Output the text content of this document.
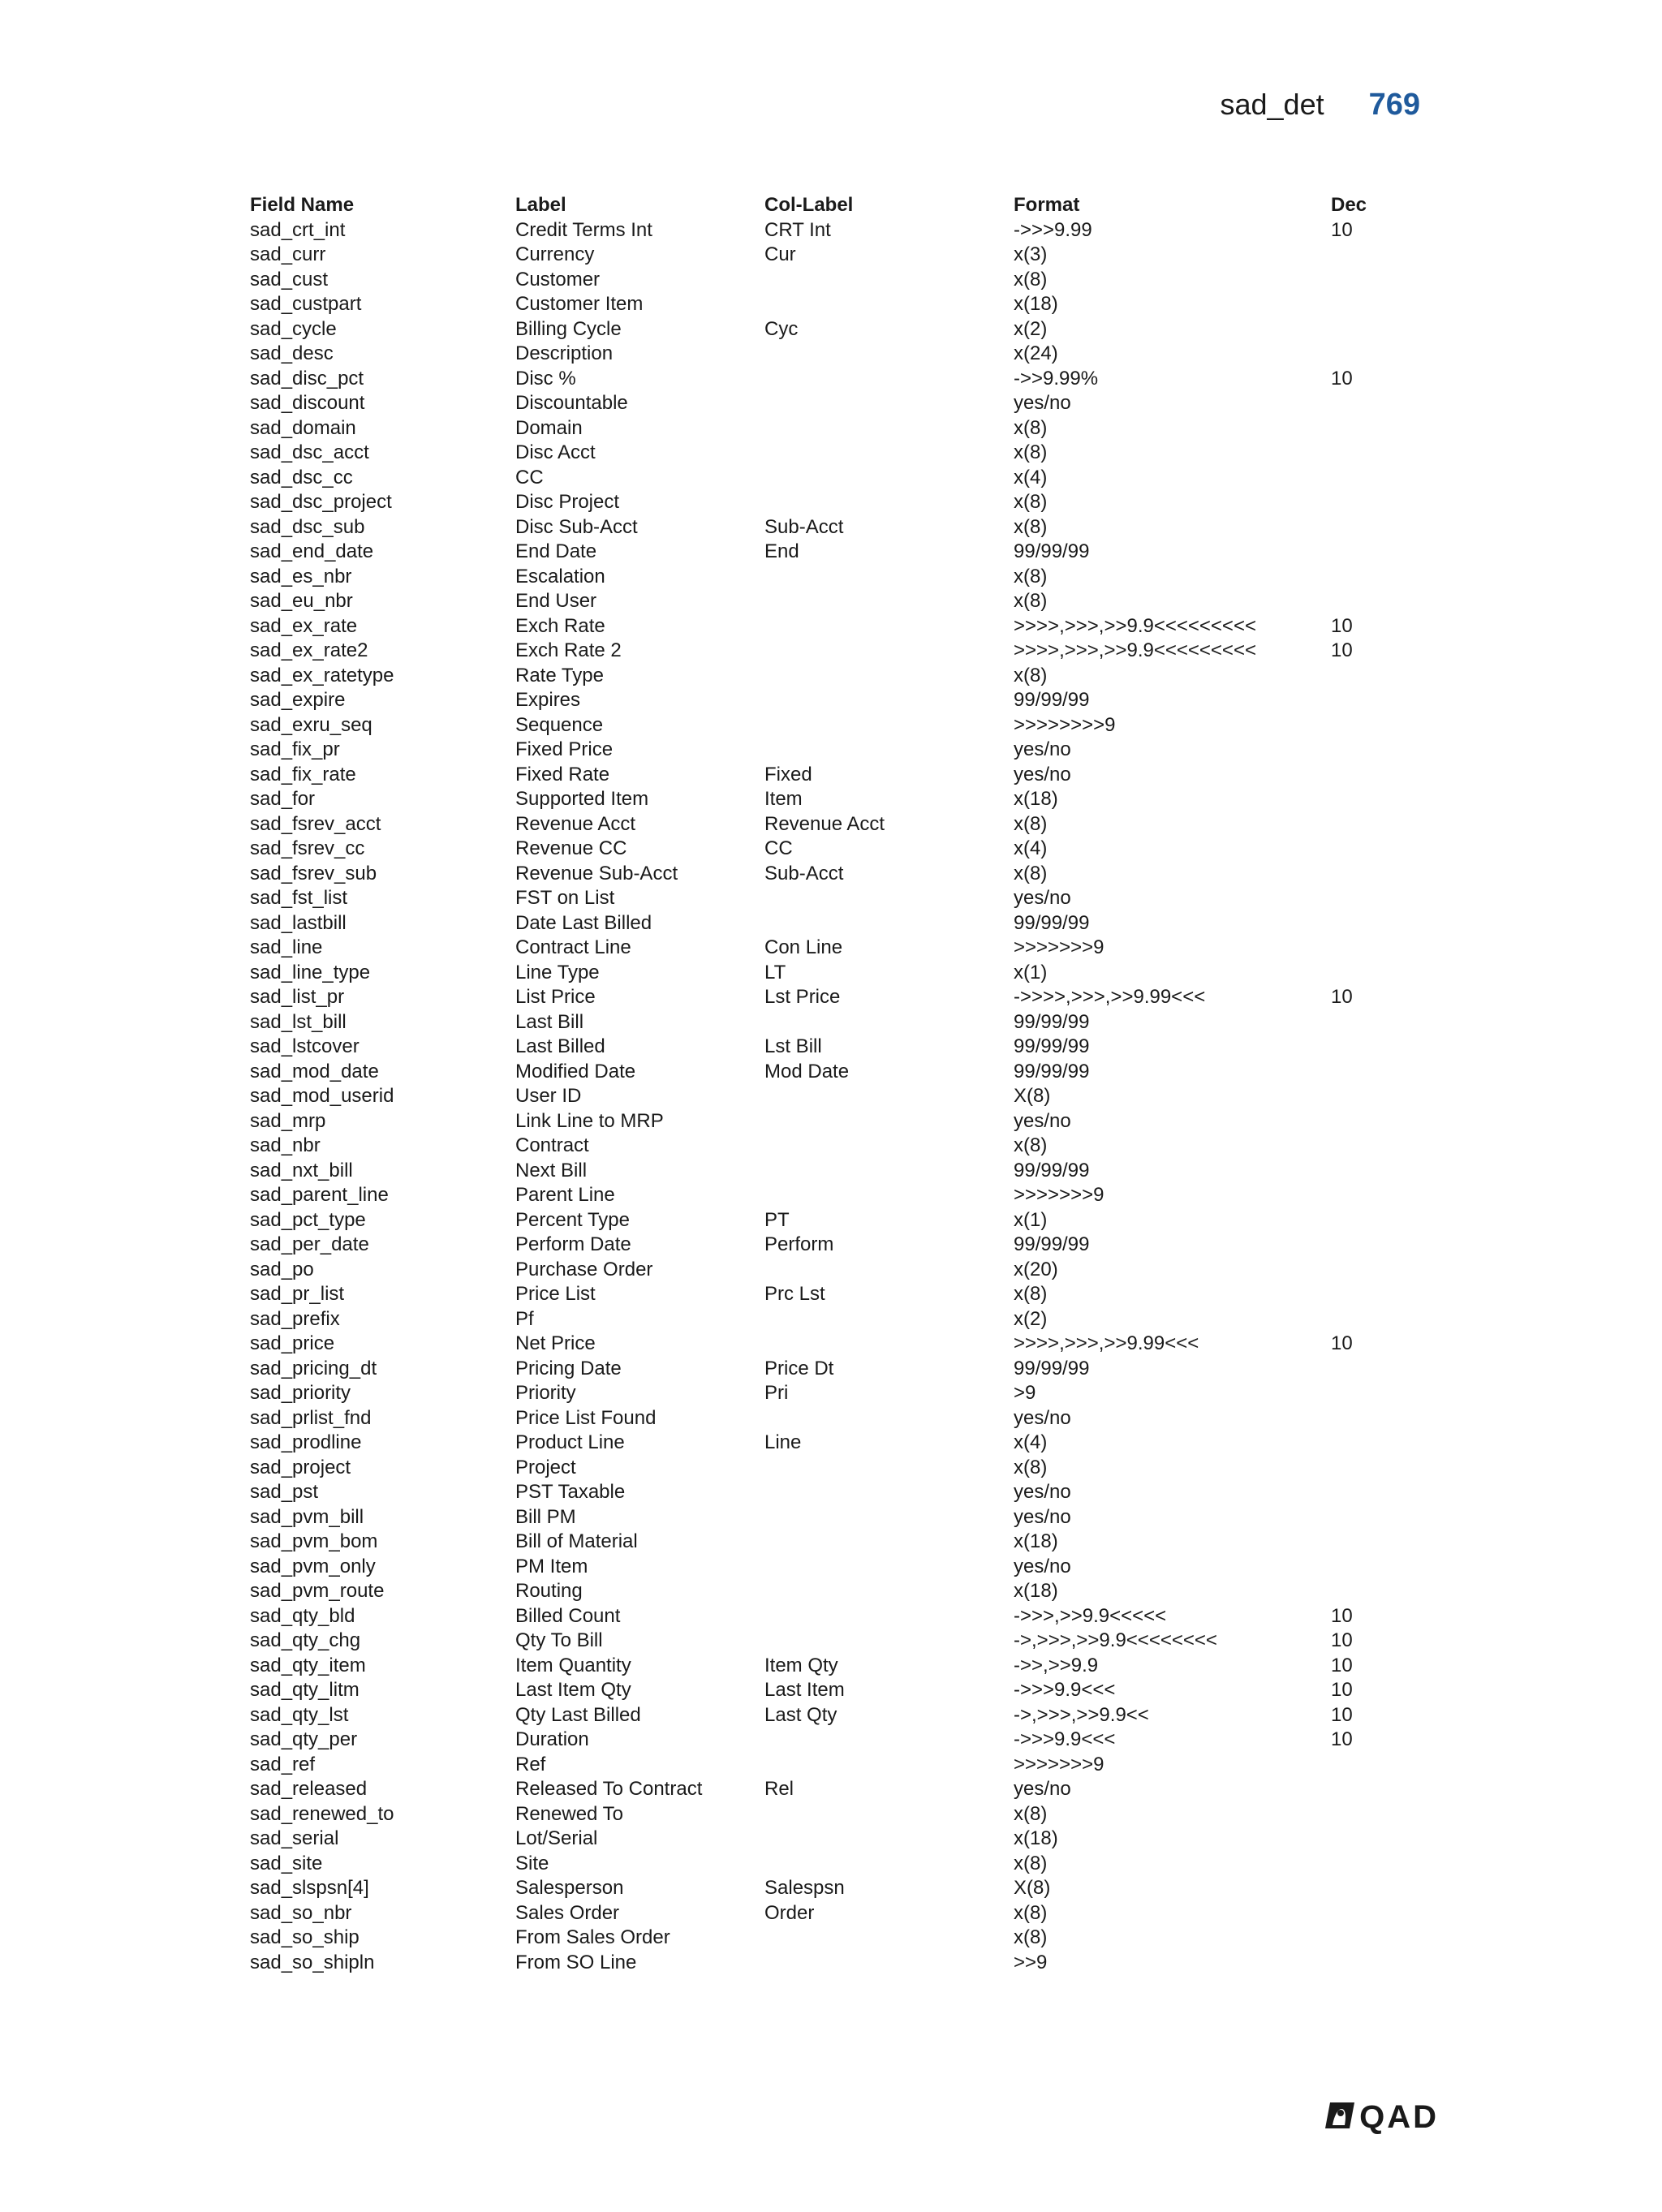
sad_det 769
Field Name	Label	Col-Label	Format	Dec
sad_crt_int	Credit Terms Int	CRT Int	->>>9.99	10
sad_curr	Currency	Cur	x(3)	
sad_cust	Customer		x(8)	
sad_custpart	Customer Item		x(18)	
sad_cycle	Billing Cycle	Cyc	x(2)	
sad_desc	Description		x(24)	
sad_disc_pct	Disc %		->>9.99%	10
sad_discount	Discountable		yes/no	
sad_domain	Domain		x(8)	
sad_dsc_acct	Disc Acct		x(8)	
sad_dsc_cc	CC		x(4)	
sad_dsc_project	Disc Project		x(8)	
sad_dsc_sub	Disc Sub-Acct	Sub-Acct	x(8)	
sad_end_date	End Date	End	99/99/99	
sad_es_nbr	Escalation		x(8)	
sad_eu_nbr	End User		x(8)	
sad_ex_rate	Exch Rate		>>>>,>>>,>>9.9<<<<<<<<<	10
sad_ex_rate2	Exch Rate 2		>>>>,>>>,>>9.9<<<<<<<<<	10
sad_ex_ratetype	Rate Type		x(8)	
sad_expire	Expires		99/99/99	
sad_exru_seq	Sequence		>>>>>>>>9	
sad_fix_pr	Fixed Price		yes/no	
sad_fix_rate	Fixed Rate	Fixed	yes/no	
sad_for	Supported Item	Item	x(18)	
sad_fsrev_acct	Revenue Acct	Revenue Acct	x(8)	
sad_fsrev_cc	Revenue CC	CC	x(4)	
sad_fsrev_sub	Revenue Sub-Acct	Sub-Acct	x(8)	
sad_fst_list	FST on List		yes/no	
sad_lastbill	Date Last Billed		99/99/99	
sad_line	Contract Line	Con Line	>>>>>>>9	
sad_line_type	Line Type	LT	x(1)	
sad_list_pr	List Price	Lst Price	->>>>,>>>,>>9.99<<<	10
sad_lst_bill	Last Bill		99/99/99	
sad_lstcover	Last Billed	Lst Bill	99/99/99	
sad_mod_date	Modified Date	Mod Date	99/99/99	
sad_mod_userid	User ID		X(8)	
sad_mrp	Link Line to MRP		yes/no	
sad_nbr	Contract		x(8)	
sad_nxt_bill	Next Bill		99/99/99	
sad_parent_line	Parent Line		>>>>>>>9	
sad_pct_type	Percent Type	PT	x(1)	
sad_per_date	Perform Date	Perform	99/99/99	
sad_po	Purchase Order		x(20)	
sad_pr_list	Price List	Prc Lst	x(8)	
sad_prefix	Pf		x(2)	
sad_price	Net Price		>>>>,>>>,>>9.99<<<	10
sad_pricing_dt	Pricing Date	Price Dt	99/99/99	
sad_priority	Priority	Pri	>9	
sad_prlist_fnd	Price List Found		yes/no	
sad_prodline	Product Line	Line	x(4)	
sad_project	Project		x(8)	
sad_pst	PST Taxable		yes/no	
sad_pvm_bill	Bill PM		yes/no	
sad_pvm_bom	Bill of Material		x(18)	
sad_pvm_only	PM Item		yes/no	
sad_pvm_route	Routing		x(18)	
sad_qty_bld	Billed Count		->>>,>>9.9<<<<<	10
sad_qty_chg	Qty To Bill		->,>>>,>>9.9<<<<<<<<	10
sad_qty_item	Item Quantity	Item Qty	->>,>>9.9	10
sad_qty_litm	Last Item Qty	Last Item	->>>9.9<<<	10
sad_qty_lst	Qty Last Billed	Last Qty	->,>>>,>>9.9<<	10
sad_qty_per	Duration		->>>9.9<<<	10
sad_ref	Ref		>>>>>>>9	
sad_released	Released To Contract	Rel	yes/no	
sad_renewed_to	Renewed To		x(8)	
sad_serial	Lot/Serial		x(18)	
sad_site	Site		x(8)	
sad_slspsn[4]	Salesperson	Salespsn	X(8)	
sad_so_nbr	Sales Order	Order	x(8)	
sad_so_ship	From Sales Order		x(8)	
sad_so_shipln	From SO Line		>>9	
QAD
